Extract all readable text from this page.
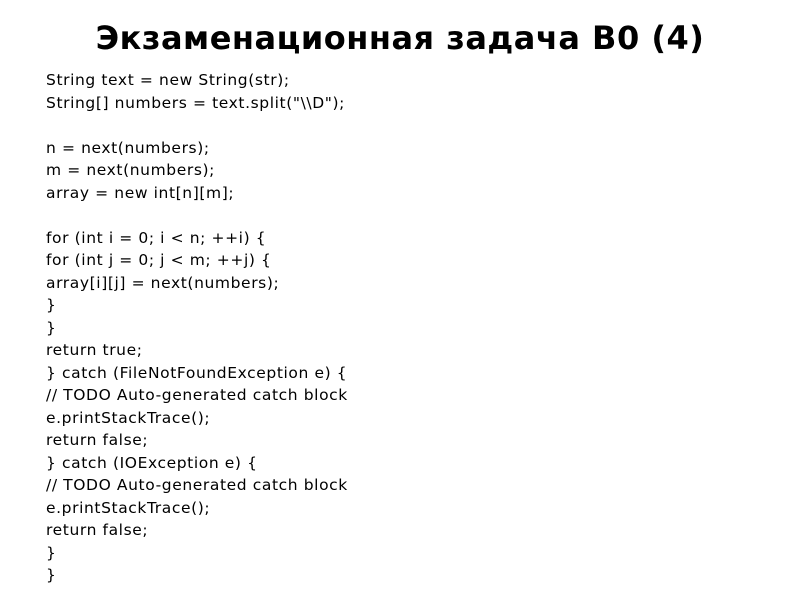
Экзаменационная задача В0 (4)
String text = new String(str);
String[] numbers = text.split("\\D");
n = next(numbers);
m = next(numbers);
array = new int[n][m];
for (int i = 0; i < n; ++i) {
for (int j = 0; j < m; ++j) {
array[i][j] = next(numbers);
}
}
return true;
} catch (FileNotFoundException e) {
// TODO Auto-generated catch block
e.printStackTrace();
return false;
} catch (IOException e) {
// TODO Auto-generated catch block
e.printStackTrace();
return false;
}
}
